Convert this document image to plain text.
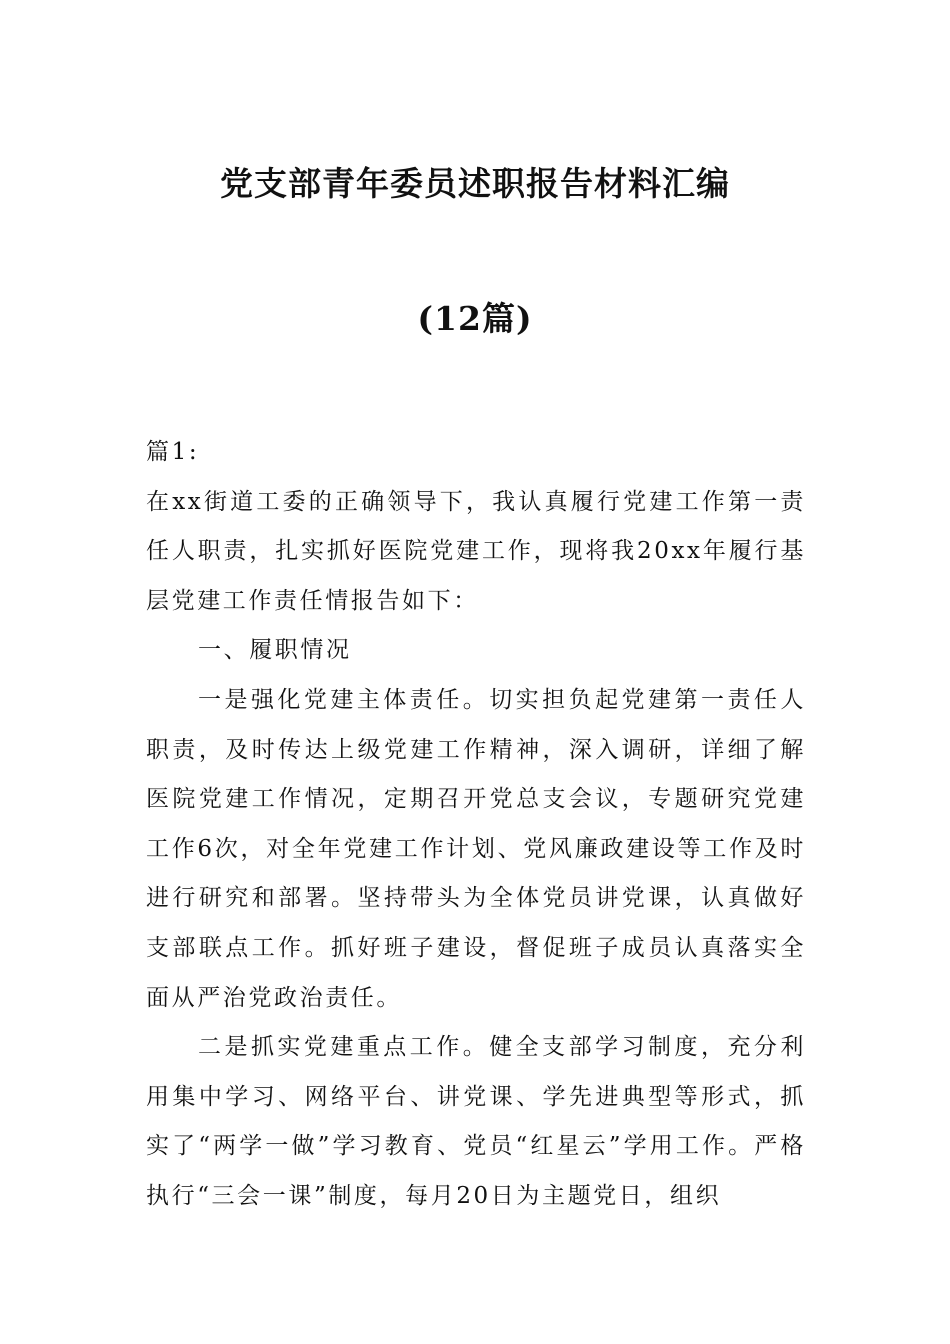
党支部青年委员述职报告材料汇编
(12篇)

篇1:

在xx街道工委的正确领导下，我认真履行党建工作第一责任人职责，扎实抓好医院党建工作，现将我20xx年履行基层党建工作责任情报告如下：

一、履职情况

一是强化党建主体责任。切实担负起党建第一责任人职责，及时传达上级党建工作精神，深入调研，详细了解医院党建工作情况，定期召开党总支会议，专题研究党建工作6次，对全年党建工作计划、党风廉政建设等工作及时进行研究和部署。坚持带头为全体党员讲党课，认真做好支部联点工作。抓好班子建设，督促班子成员认真落实全面从严治党政治责任。

二是抓实党建重点工作。健全支部学习制度，充分利用集中学习、网络平台、讲党课、学先进典型等形式，抓实了“两学一做”学习教育、党员“红星云”学用工作。严格执行“三会一课”制度，每月20日为主题党日，组织
